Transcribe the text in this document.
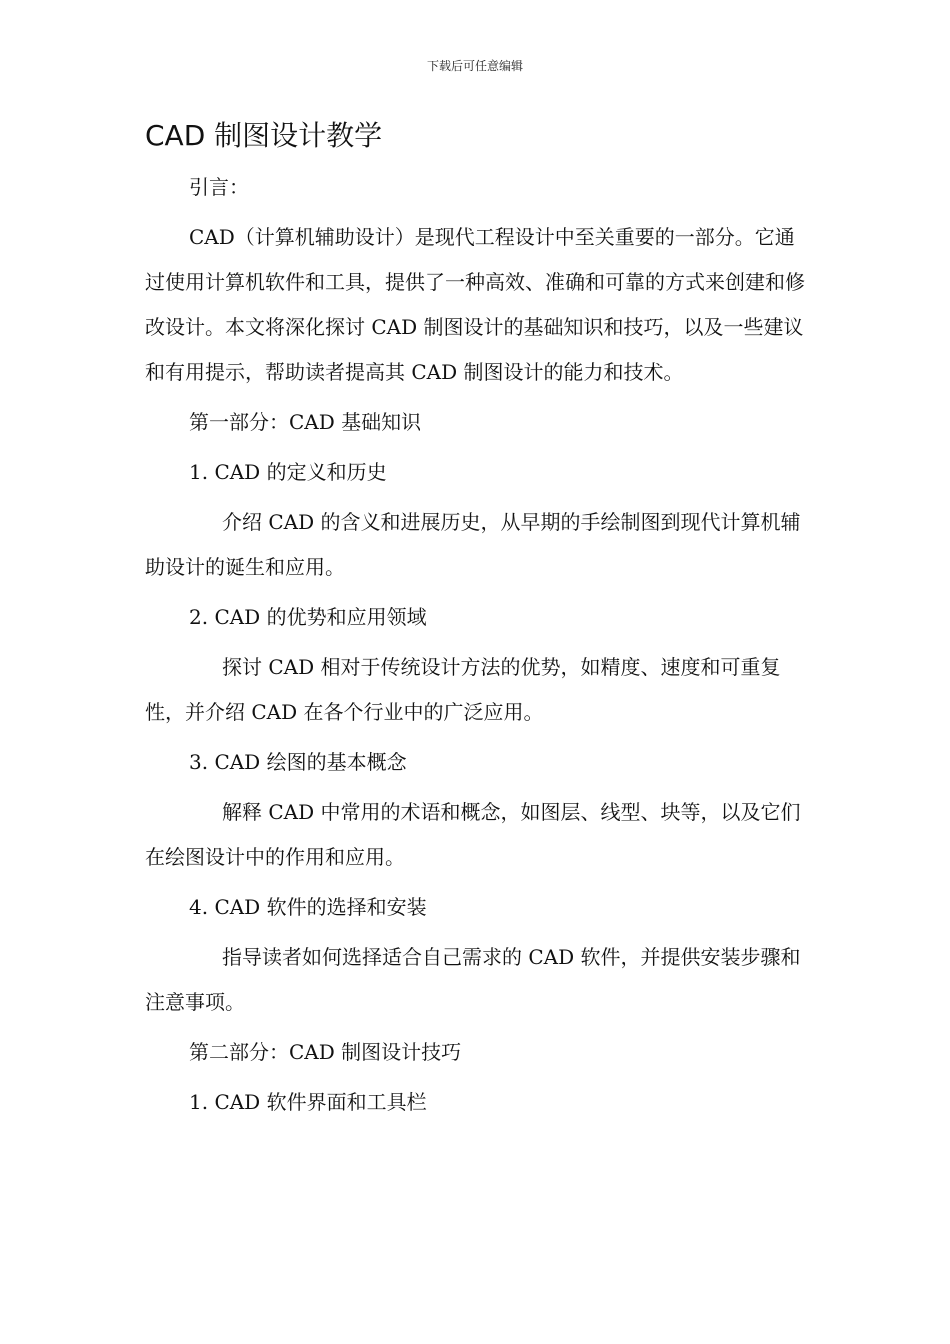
下载后可任意编辑
CAD 制图设计教学

引言：

CAD（计算机辅助设计）是现代工程设计中至关重要的一部分。它通过使用计算机软件和工具，提供了一种高效、准确和可靠的方式来创建和修改设计。本文将深化探讨 CAD 制图设计的基础知识和技巧，以及一些建议和有用提示，帮助读者提高其 CAD 制图设计的能力和技术。

第一部分：CAD 基础知识

1. CAD 的定义和历史

介绍 CAD 的含义和进展历史，从早期的手绘制图到现代计算机辅助设计的诞生和应用。

2. CAD 的优势和应用领域

探讨 CAD 相对于传统设计方法的优势，如精度、速度和可重复性，并介绍 CAD 在各个行业中的广泛应用。

3. CAD 绘图的基本概念

解释 CAD 中常用的术语和概念，如图层、线型、块等，以及它们在绘图设计中的作用和应用。

4. CAD 软件的选择和安装

指导读者如何选择适合自己需求的 CAD 软件，并提供安装步骤和注意事项。

第二部分：CAD 制图设计技巧

1. CAD 软件界面和工具栏
